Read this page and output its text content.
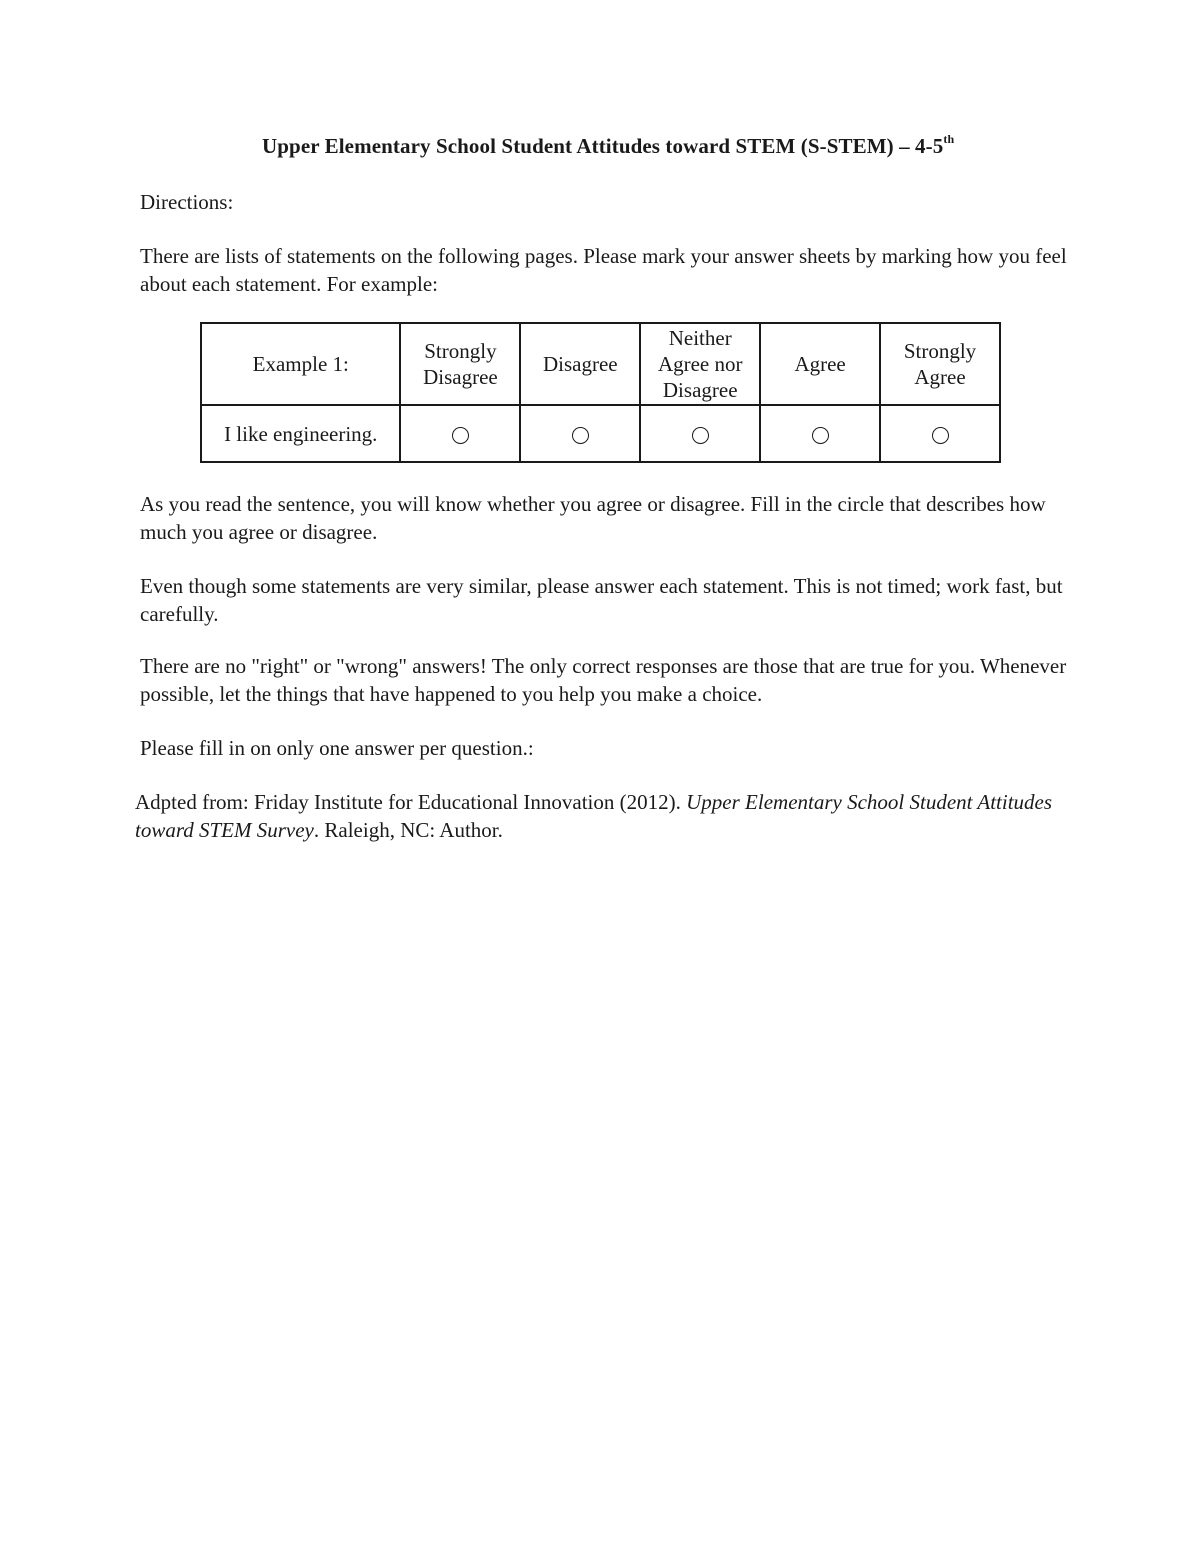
Upper Elementary School Student Attitudes toward STEM (S-STEM) – 4-5th
Directions:
There are lists of statements on the following pages. Please mark your answer sheets by marking how you feel about each statement. For example:
Example 1:	Strongly Disagree	Disagree	Neither Agree nor Disagree	Agree	Strongly Agree
I like engineering.					
As you read the sentence, you will know whether you agree or disagree. Fill in the circle that describes how much you agree or disagree.
Even though some statements are very similar, please answer each statement. This is not timed; work fast, but carefully.
There are no "right" or "wrong" answers! The only correct responses are those that are true for you. Whenever possible, let the things that have happened to you help you make a choice.
Please fill in on only one answer per question.:
Adpted from: Friday Institute for Educational Innovation (2012). Upper Elementary School Student Attitudes toward STEM Survey. Raleigh, NC: Author.
